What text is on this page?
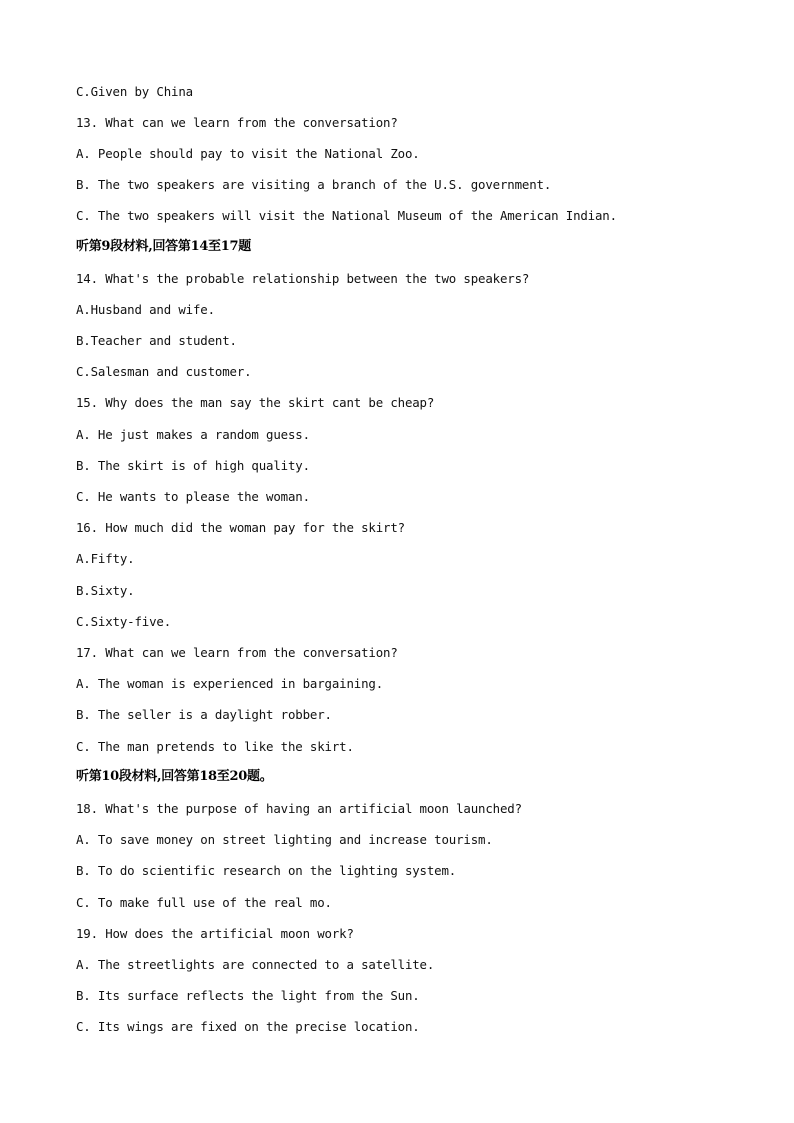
C.Given by China
13. What can we learn from the conversation?
A. People should pay to visit the National Zoo.
B. The two speakers are visiting a branch of the U.S. government.
C. The two speakers will visit the National Museum of the American Indian.
听第9段材料,回答第14至17题
14. What's the probable relationship between the two speakers?
A.Husband and wife.
B.Teacher and student.
C.Salesman and customer.
15. Why does the man say the skirt cant be cheap?
A. He just makes a random guess.
B. The skirt is of high quality.
C. He wants to please the woman.
16. How much did the woman pay for the skirt?
A.Fifty.
B.Sixty.
C.Sixty-five.
17. What can we learn from the conversation?
A. The woman is experienced in bargaining.
B. The seller is a daylight robber.
C. The man pretends to like the skirt.
听第10段材料,回答第18至20题。
18. What's the purpose of having an artificial moon launched?
A. To save money on street lighting and increase tourism.
B. To do scientific research on the lighting system.
C. To make full use of the real mo.
19. How does the artificial moon work?
A. The streetlights are connected to a satellite.
B. Its surface reflects the light from the Sun.
C. Its wings are fixed on the precise location.
